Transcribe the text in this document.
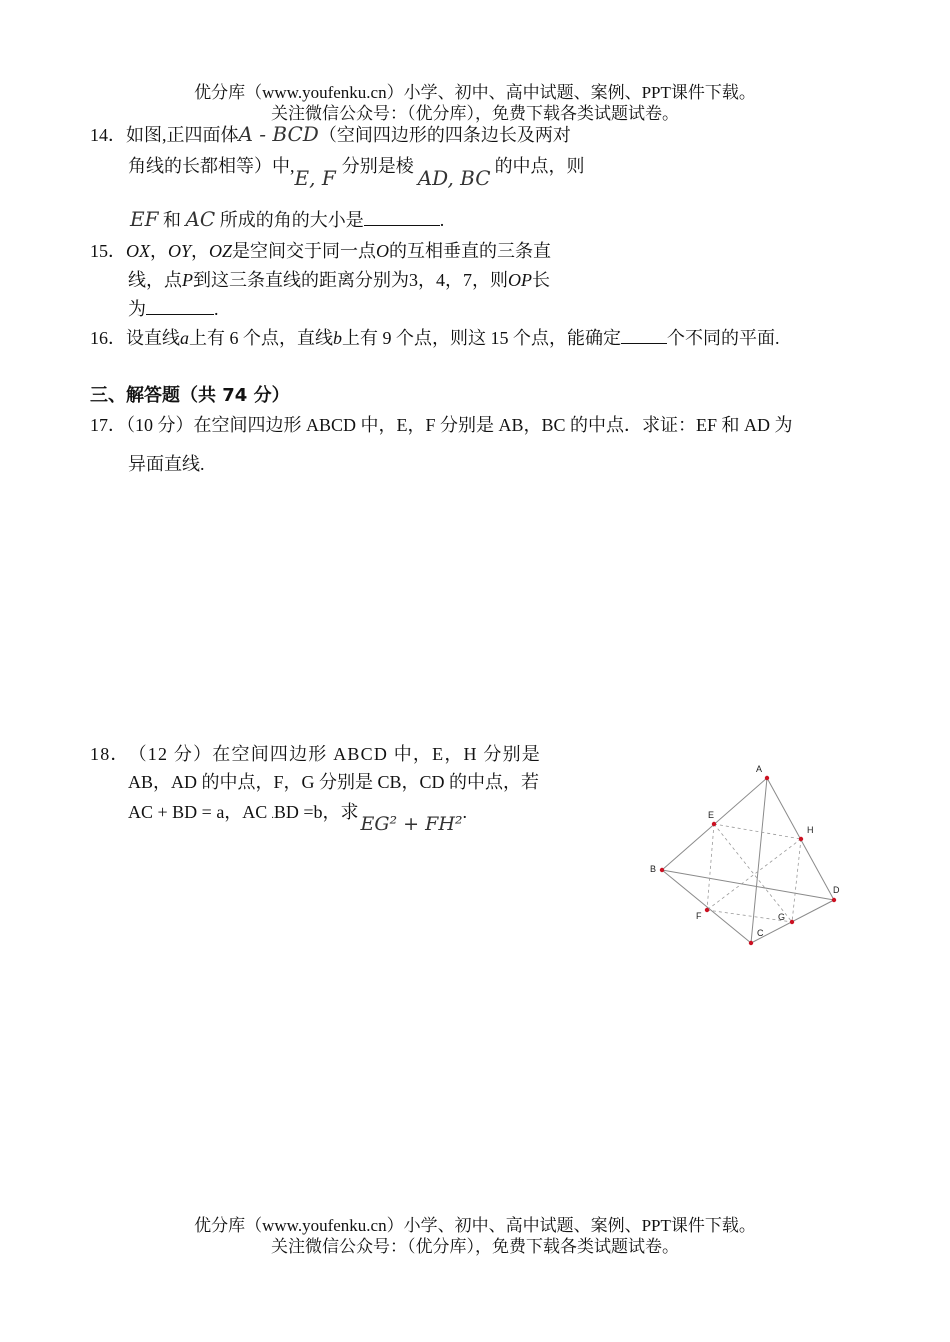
优分库（www.youfenku.cn）小学、初中、高中试题、案例、PPT课件下载。
关注微信公众号：（优分库），免费下载各类试题试卷。
14．如图,正四面体A - BCD（空间四边形的四条边长及两对
角线的长都相等）中,E, F 分别是棱 AD, BC 的中点，则
EF 和 AC 所成的角的大小是	.
15．OX，OY，OZ是空间交于同一点O的互相垂直的三条直
线，点P到这三条直线的距离分别为3，4，7，则OP长
为	.
16．设直线a上有 6 个点，直线b上有 9 个点，则这 15 个点，能确定	个不同的平面.
三、解答题（共 74 分）
17．（10 分）在空间四边形 ABCD 中，E，F 分别是 AB，BC 的中点．求证：EF 和 AD 为
异面直线.
18． （12 分）在空间四边形 ABCD 中，E，H 分别是
AB，AD 的中点，F，G 分别是 CB，CD 的中点，若
AC + BD = a，AC .BD =b，求EG² + FH².
A
B
C
D
E
F	G
H
优分库（www.youfenku.cn）小学、初中、高中试题、案例、PPT课件下载。
关注微信公众号：（优分库），免费下载各类试题试卷。
